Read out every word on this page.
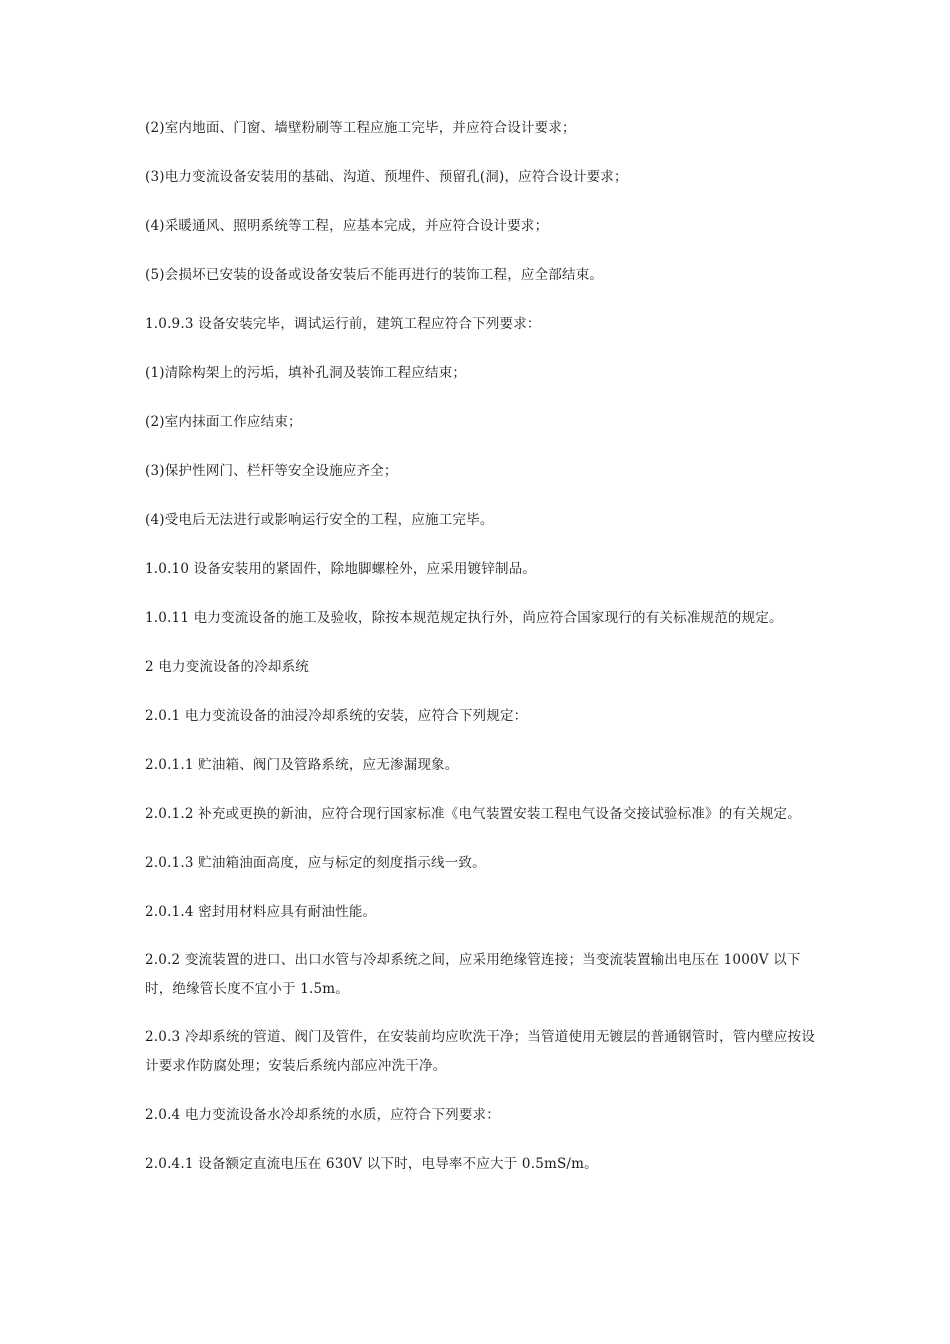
(2)室内地面、门窗、墙壁粉刷等工程应施工完毕，并应符合设计要求；

(3)电力变流设备安装用的基础、沟道、预埋件、预留孔(洞)，应符合设计要求；

(4)采暖通风、照明系统等工程，应基本完成，并应符合设计要求；

(5)会损坏已安装的设备或设备安装后不能再进行的装饰工程，应全部结束。

1.0.9.3 设备安装完毕，调试运行前，建筑工程应符合下列要求：

(1)清除构架上的污垢，填补孔洞及装饰工程应结束；

(2)室内抹面工作应结束；

(3)保护性网门、栏杆等安全设施应齐全；

(4)受电后无法进行或影响运行安全的工程，应施工完毕。

1.0.10 设备安装用的紧固件，除地脚螺栓外，应采用镀锌制品。

1.0.11 电力变流设备的施工及验收，除按本规范规定执行外，尚应符合国家现行的有关标准规范的规定。

2 电力变流设备的冷却系统

2.0.1 电力变流设备的油浸冷却系统的安装，应符合下列规定：

2.0.1.1 贮油箱、阀门及管路系统，应无渗漏现象。

2.0.1.2 补充或更换的新油，应符合现行国家标准《电气装置安装工程电气设备交接试验标准》的有关规定。

2.0.1.3 贮油箱油面高度，应与标定的刻度指示线一致。

2.0.1.4 密封用材料应具有耐油性能。

2.0.2 变流装置的进口、出口水管与冷却系统之间，应采用绝缘管连接；当变流装置输出电压在 1000V 以下时，绝缘管长度不宜小于 1.5m。

2.0.3 冷却系统的管道、阀门及管件，在安装前均应吹洗干净；当管道使用无镀层的普通钢管时，管内壁应按设计要求作防腐处理；安装后系统内部应冲洗干净。

2.0.4 电力变流设备水冷却系统的水质，应符合下列要求：

2.0.4.1 设备额定直流电压在 630V 以下时，电导率不应大于 0.5mS/m。
